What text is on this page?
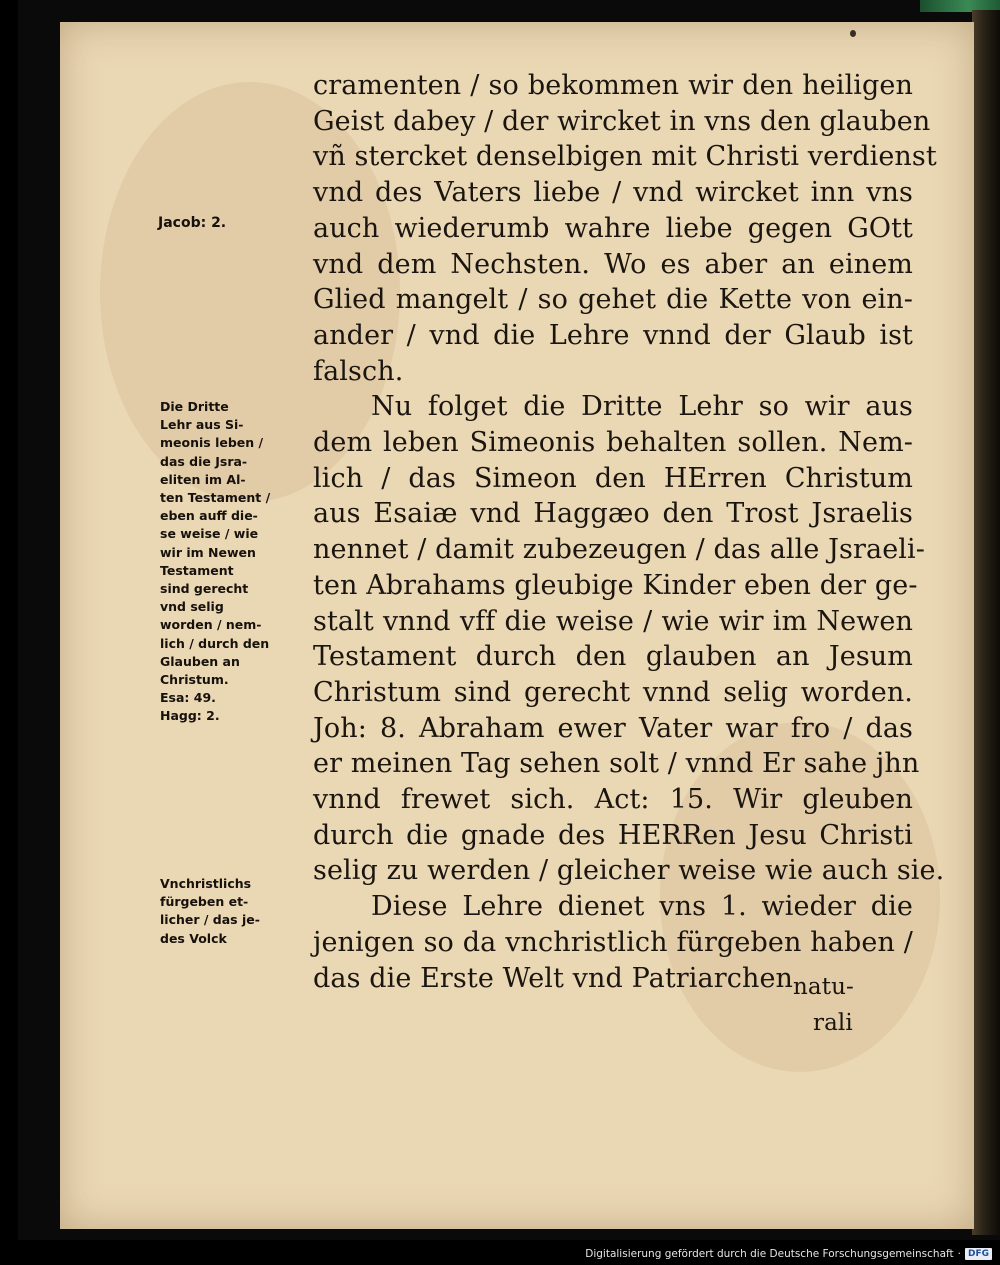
cramenten / so bekommen wir den heiligen
Geist dabey / der wircket in vns den glauben
vñ stercket denselbigen mit Christi verdienst
vnd des Vaters liebe / vnd wircket inn vns
auch wiederumb wahre liebe gegen GOtt
vnd dem Nechsten. Wo es aber an einem
Glied mangelt / so gehet die Kette von ein-
ander / vnd die Lehre vnnd der Glaub ist
falsch.
Nu folget die Dritte Lehr so wir aus
dem leben Simeonis behalten sollen. Nem-
lich / das Simeon den HErren Christum
aus Esaiæ vnd Haggæo den Trost Jsraelis
nennet / damit zubezeugen / das alle Jsraeli-
ten Abrahams gleubige Kinder eben der ge-
stalt vnnd vff die weise / wie wir im Newen
Testament durch den glauben an Jesum
Christum sind gerecht vnnd selig worden.
Joh: 8. Abraham ewer Vater war fro / das
er meinen Tag sehen solt / vnnd Er sahe jhn
vnnd frewet sich. Act: 15. Wir gleuben
durch die gnade des HERRen Jesu Christi
selig zu werden / gleicher weise wie auch sie.
Diese Lehre dienet vns 1. wieder die
jenigen so da vnchristlich fürgeben haben /
das die Erste Welt vnd Patriarchen natu-
rali
Jacob: 2.
Die Dritte
Lehr aus Si-
meonis leben /
das die Jsra-
eliten im Al-
ten Testament /
eben auff die-
se weise / wie
wir im Newen
Testament
sind gerecht
vnd selig
worden / nem-
lich / durch den
Glauben an
Christum.
Esa: 49.
Hagg: 2.
Vnchristlichs
fürgeben et-
licher / das je-
des Volck
Digitalisierung gefördert durch die Deutsche Forschungsgemeinschaft · DFG
